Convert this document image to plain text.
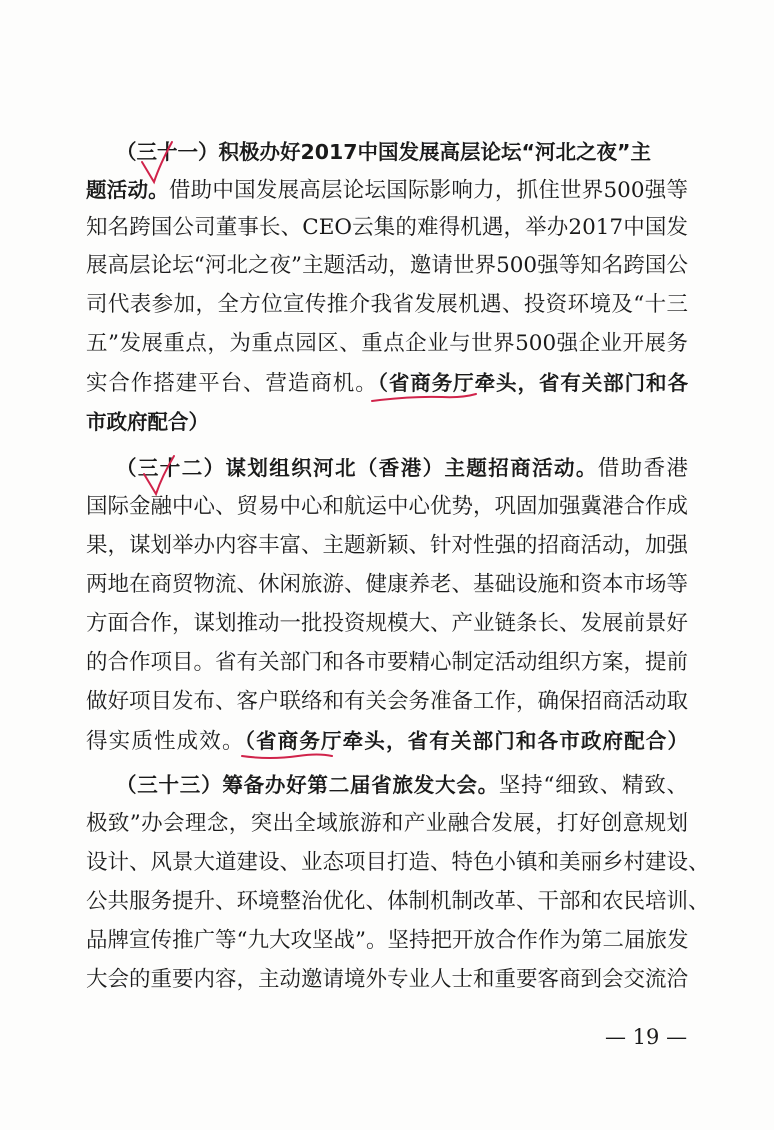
（三十一）积极办好2017中国发展高层论坛“河北之夜”主
题活动。借助中国发展高层论坛国际影响力，抓住世界500强等
知名跨国公司董事长、CEO云集的难得机遇，举办2017中国发
展高层论坛“河北之夜”主题活动，邀请世界500强等知名跨国公
司代表参加，全方位宣传推介我省发展机遇、投资环境及“十三
五”发展重点，为重点园区、重点企业与世界500强企业开展务
实合作搭建平台、营造商机。（省商务厅牵头，省有关部门和各
市政府配合）
（三十二）谋划组织河北（香港）主题招商活动。借助香港
国际金融中心、贸易中心和航运中心优势，巩固加强冀港合作成
果，谋划举办内容丰富、主题新颖、针对性强的招商活动，加强
两地在商贸物流、休闲旅游、健康养老、基础设施和资本市场等
方面合作，谋划推动一批投资规模大、产业链条长、发展前景好
的合作项目。省有关部门和各市要精心制定活动组织方案，提前
做好项目发布、客户联络和有关会务准备工作，确保招商活动取
得实质性成效。（省商务厅牵头，省有关部门和各市政府配合）
（三十三）筹备办好第二届省旅发大会。坚持“细致、精致、
极致”办会理念，突出全域旅游和产业融合发展，打好创意规划
设计、风景大道建设、业态项目打造、特色小镇和美丽乡村建设、
公共服务提升、环境整治优化、体制机制改革、干部和农民培训、
品牌宣传推广等“九大攻坚战”。坚持把开放合作作为第二届旅发
大会的重要内容，主动邀请境外专业人士和重要客商到会交流洽
— 19 —
